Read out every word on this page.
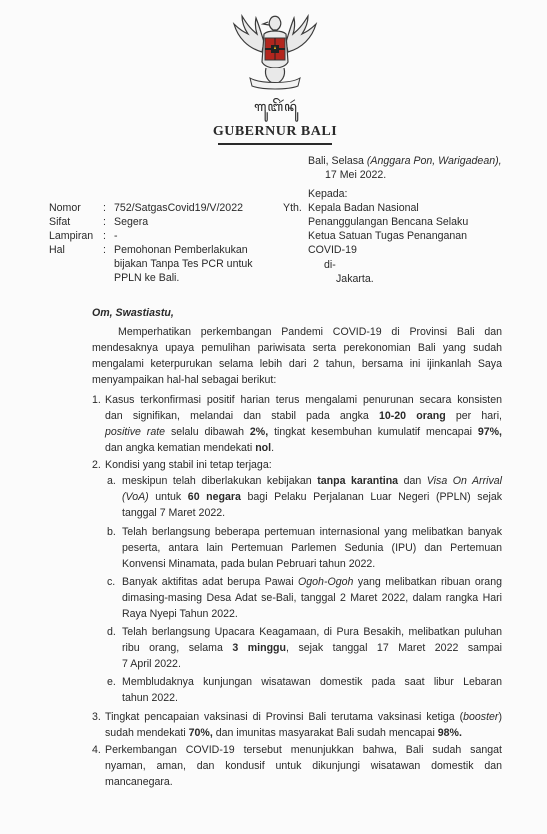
ꦒꦸꦧꦼꦂꦤꦸꦂ
GUBERNUR BALI
Bali, Selasa (Anggara Pon, Warigadean),
17 Mei 2022.
Kepada:
Yth. Kepala Badan Nasional
Penanggulangan Bencana Selaku
Ketua Satuan Tugas Penanganan
COVID-19
di-
Jakarta.
Nomor : 752/SatgasCovid19/V/2022
Sifat	: Segera
Lampiran : -
Hal	: Pemohonan Pemberlakukan
bijakan Tanpa Tes PCR untuk
PPLN ke Bali.
Om, Swastiastu,
Memperhatikan perkembangan Pandemi COVID-19 di Provinsi Bali dan
mendesaknya upaya pemulihan pariwisata serta perekonomian Bali yang sudah
mengalami keterpurukan selama lebih dari 2 tahun, bersama ini ijinkanlah Saya
menyampaikan hal-hal sebagai berikut:
1. Kasus terkonfirmasi positif harian terus mengalami penurunan secara konsisten
dan signifikan, melandai dan stabil pada angka 10-20 orang per hari,
positive rate selalu dibawah 2%, tingkat kesembuhan kumulatif mencapai 97%,
dan angka kematian mendekati nol.
2. Kondisi yang stabil ini tetap terjaga:
a. meskipun telah diberlakukan kebijakan tanpa karantina dan Visa On Arrival
(VoA) untuk 60 negara bagi Pelaku Perjalanan Luar Negeri (PPLN) sejak
tanggal 7 Maret 2022.
b. Telah berlangsung beberapa pertemuan internasional yang melibatkan banyak
peserta, antara lain Pertemuan Parlemen Sedunia (IPU) dan Pertemuan
Konvensi Minamata, pada bulan Pebruari tahun 2022.
c. Banyak aktifitas adat berupa Pawai Ogoh-Ogoh yang melibatkan ribuan orang
dimasing-masing Desa Adat se-Bali, tanggal 2 Maret 2022, dalam rangka Hari
Raya Nyepi Tahun 2022.
d. Telah berlangsung Upacara Keagamaan, di Pura Besakih, melibatkan puluhan
ribu orang, selama 3 minggu, sejak tanggal 17 Maret 2022 sampai
7 April 2022.
e. Membludaknya kunjungan wisatawan domestik pada saat libur Lebaran
tahun 2022.
3. Tingkat pencapaian vaksinasi di Provinsi Bali terutama vaksinasi ketiga (booster)
sudah mendekati 70%, dan imunitas masyarakat Bali sudah mencapai 98%.
4. Perkembangan COVID-19 tersebut menunjukkan bahwa, Bali sudah sangat
nyaman, aman, dan kondusif untuk dikunjungi wisatawan domestik dan
mancanegara.
